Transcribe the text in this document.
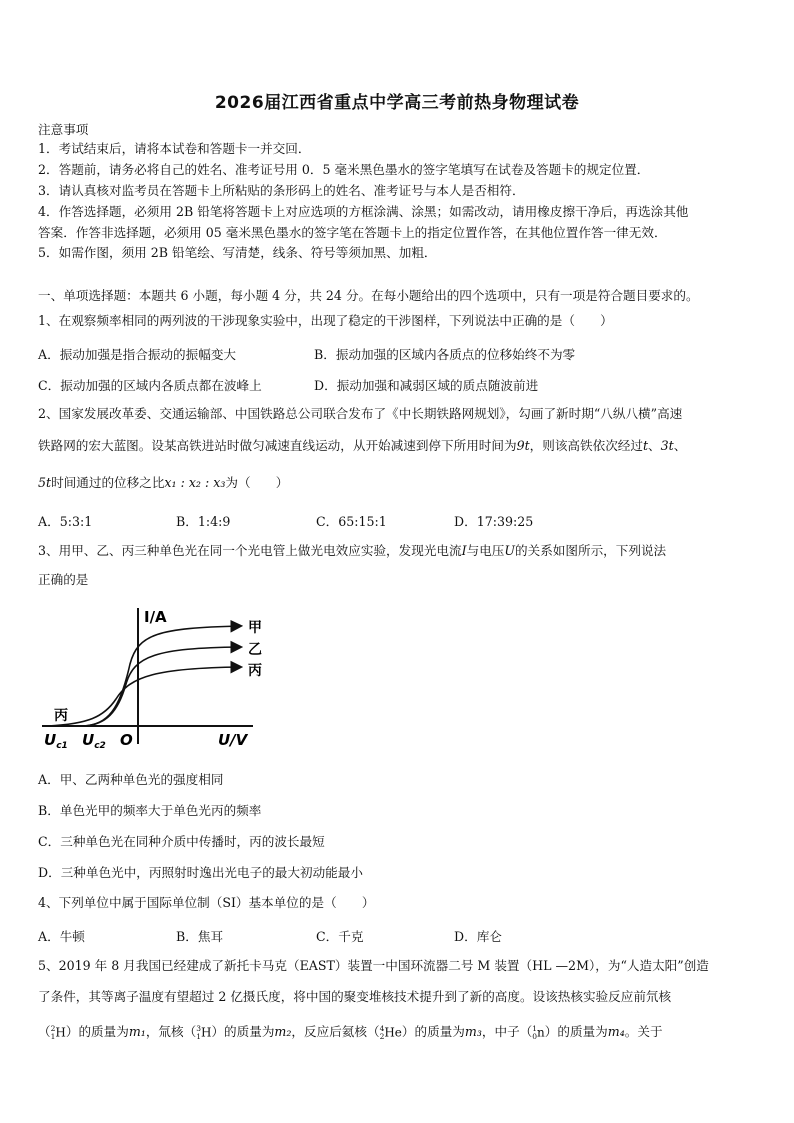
2026届江西省重点中学高三考前热身物理试卷
注意事项
1．考试结束后，请将本试卷和答题卡一并交回．
2．答题前，请务必将自己的姓名、准考证号用 0．5 毫米黑色墨水的签字笔填写在试卷及答题卡的规定位置．
3．请认真核对监考员在答题卡上所粘贴的条形码上的姓名、准考证号与本人是否相符．
4．作答选择题，必须用 2B 铅笔将答题卡上对应选项的方框涂满、涂黑；如需改动，请用橡皮擦干净后，再选涂其他
答案．作答非选择题，必须用 05 毫米黑色墨水的签字笔在答题卡上的指定位置作答，在其他位置作答一律无效．
5．如需作图，须用 2B 铅笔绘、写清楚，线条、符号等须加黑、加粗．
一、单项选择题：本题共 6 小题，每小题 4 分，共 24 分。在每小题给出的四个选项中，只有一项是符合题目要求的。
1、在观察频率相同的两列波的干涉现象实验中，出现了稳定的干涉图样，下列说法中正确的是（　　）
A．振动加强是指合振动的振幅变大	B．振动加强的区域内各质点的位移始终不为零
C．振动加强的区域内各质点都在波峰上	D．振动加强和减弱区域的质点随波前进
2、国家发展改革委、交通运输部、中国铁路总公司联合发布了《中长期铁路网规划》，勾画了新时期“八纵八横”高速
铁路网的宏大蓝图。设某高铁进站时做匀减速直线运动，从开始减速到停下所用时间为9t，则该高铁依次经过t、3t、
5t时间通过的位移之比x₁ : x₂ : x₃为（　　）
A．5:3:1	B．1:4:9	C．65:15:1	D．17:39:25
3、用甲、乙、丙三种单色光在同一个光电管上做光电效应实验，发现光电流I与电压U的关系如图所示，下列说法
正确的是
I/A
U/V
O
甲
乙
丙
丙
$U_{c1}$ $U_{c2}$
A．甲、乙两种单色光的强度相同
B．单色光甲的频率大于单色光丙的频率
C．三种单色光在同种介质中传播时，丙的波长最短
D．三种单色光中，丙照射时逸出光电子的最大初动能最小
4、下列单位中属于国际单位制（SI）基本单位的是（　　）
A．牛顿	B．焦耳	C．千克	D．库仑
5、2019 年 8 月我国已经建成了新托卡马克（EAST）装置一中国环流器二号 M 装置（HL —2M），为“人造太阳”创造
了条件，其等离子温度有望超过 2 亿摄氏度，将中国的聚变堆核技术提升到了新的高度。设该热核实验反应前氘核
（2
1H）的质量为m₁，氚核（3
1H）的质量为m₂，反应后氦核（4
2He）的质量为m₃，中子（1
0n）的质量为m₄。关于
